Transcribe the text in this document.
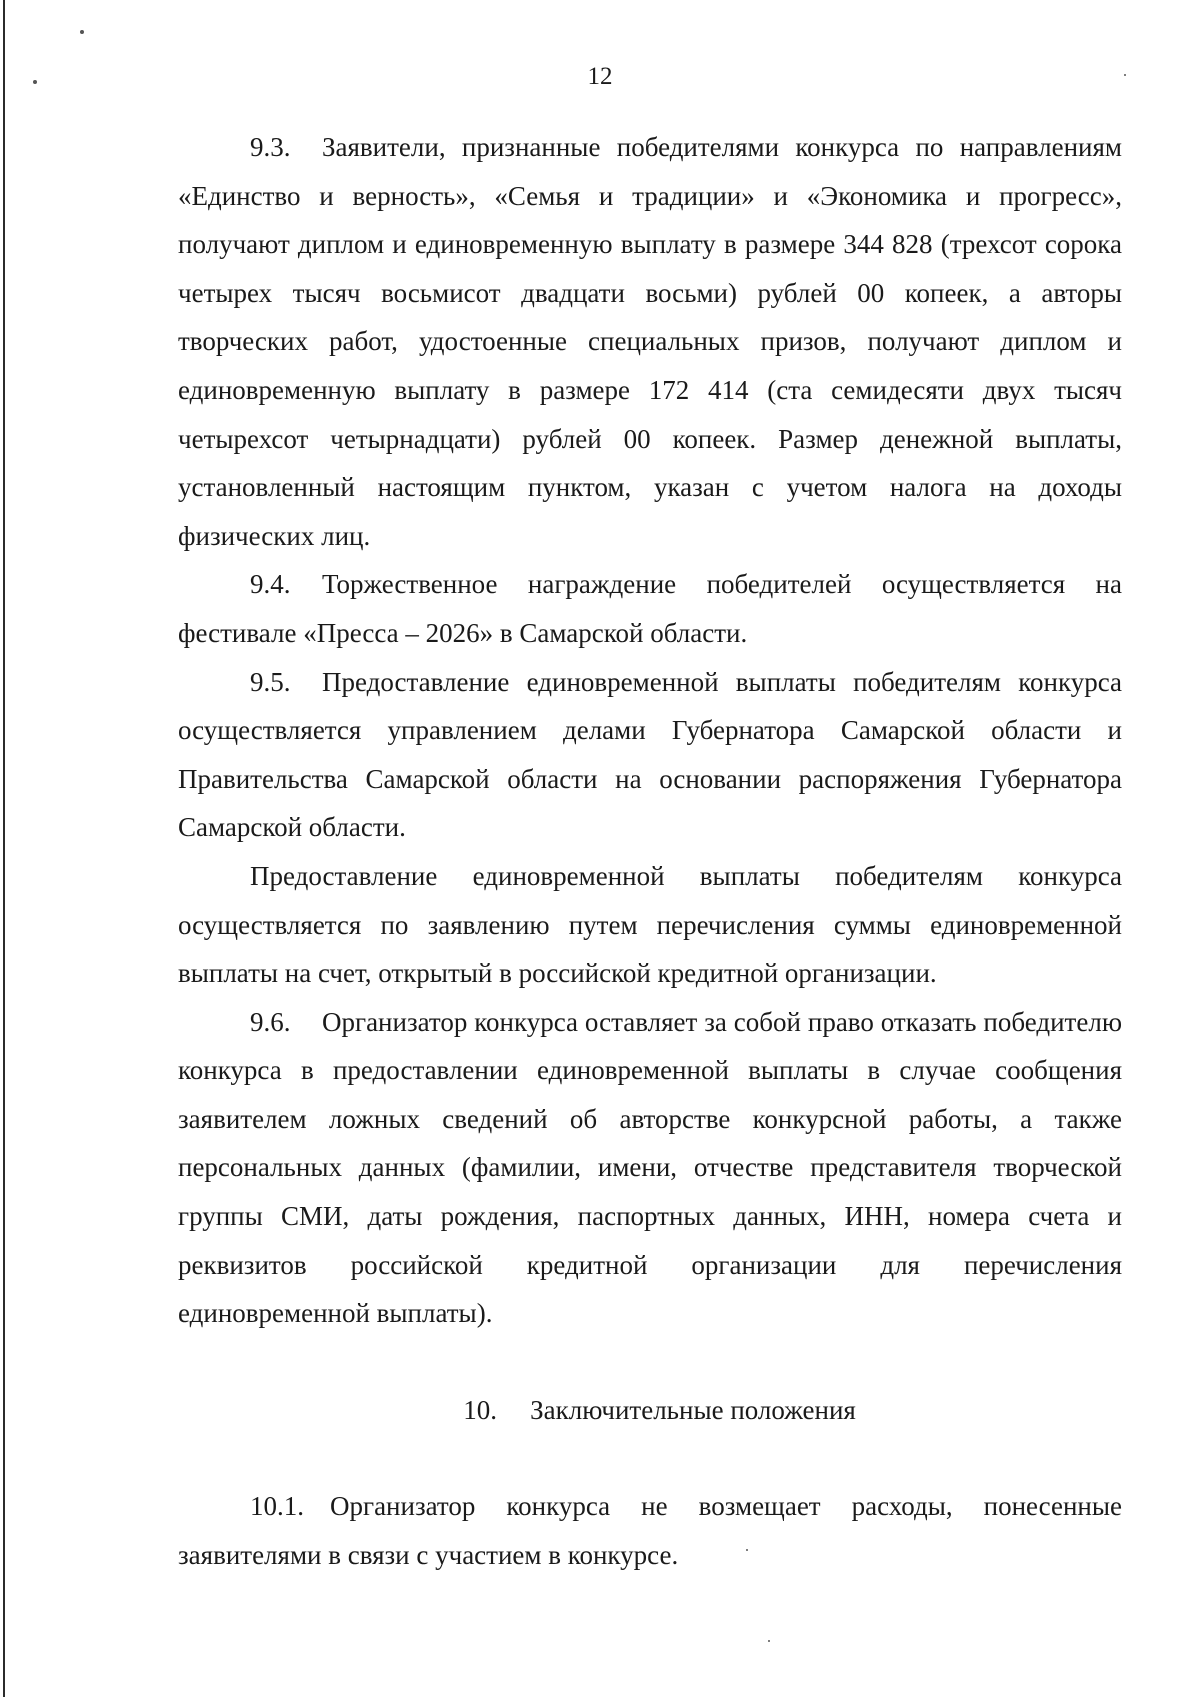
12

9.3. Заявители, признанные победителями конкурса по направлениям «Единство и верность», «Семья и традиции» и «Экономика и прогресс», получают диплом и единовременную выплату в размере 344 828 (трехсот сорока четырех тысяч восьмисот двадцати восьми) рублей 00 копеек, а авторы творческих работ, удостоенные специальных призов, получают диплом и единовременную выплату в размере 172 414 (ста семидесяти двух тысяч четырехсот четырнадцати) рублей 00 копеек. Размер денежной выплаты, установленный настоящим пунктом, указан с учетом налога на доходы физических лиц.

9.4. Торжественное награждение победителей осуществляется на фестивале «Пресса – 2026» в Самарской области.

9.5. Предоставление единовременной выплаты победителям конкурса осуществляется управлением делами Губернатора Самарской области и Правительства Самарской области на основании распоряжения Губернатора Самарской области.

Предоставление единовременной выплаты победителям конкурса осуществляется по заявлению путем перечисления суммы единовременной выплаты на счет, открытый в российской кредитной организации.

9.6. Организатор конкурса оставляет за собой право отказать победителю конкурса в предоставлении единовременной выплаты в случае сообщения заявителем ложных сведений об авторстве конкурсной работы, а также персональных данных (фамилии, имени, отчестве представителя творческой группы СМИ, даты рождения, паспортных данных, ИНН, номера счета и реквизитов российской кредитной организации для перечисления единовременной выплаты).

10. Заключительные положения

10.1. Организатор конкурса не возмещает расходы, понесенные заявителями в связи с участием в конкурсе.
